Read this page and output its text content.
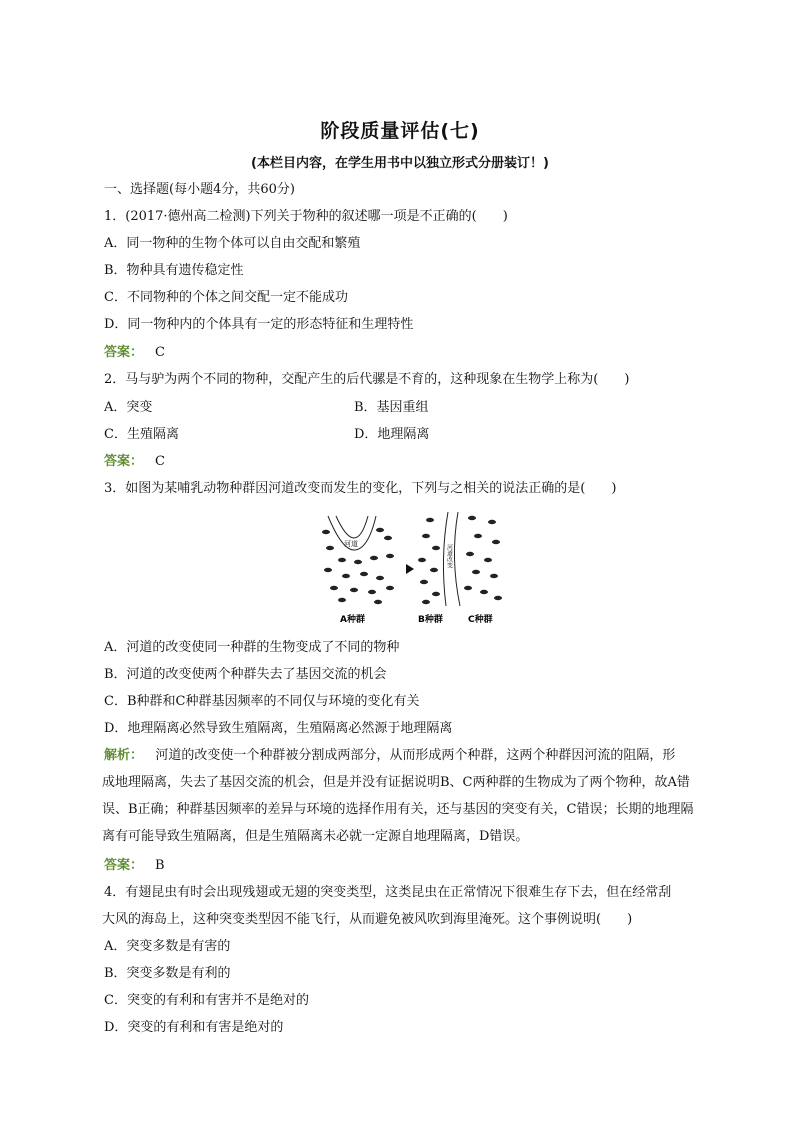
阶段质量评估(七)
(本栏目内容，在学生用书中以独立形式分册装订！)
一、选择题(每小题4分，共60分)
1．(2017·德州高二检测)下列关于物种的叙述哪一项是不正确的(　　)
A．同一物种的生物个体可以自由交配和繁殖
B．物种具有遗传稳定性
C．不同物种的个体之间交配一定不能成功
D．同一物种内的个体具有一定的形态特征和生理特性
答案： C
2．马与驴为两个不同的物种，交配产生的后代骡是不育的，这种现象在生物学上称为(　　)
A．突变	B．基因重组
C．生殖隔离	D．地理隔离
答案： C
3．如图为某哺乳动物种群因河道改变而发生的变化，下列与之相关的说法正确的是(　　)
河道	河道改变
A种群	B种群	C种群
A．河道的改变使同一种群的生物变成了不同的物种
B．河道的改变使两个种群失去了基因交流的机会
C．B种群和C种群基因频率的不同仅与环境的变化有关
D．地理隔离必然导致生殖隔离，生殖隔离必然源于地理隔离
解析： 河道的改变使一个种群被分割成两部分，从而形成两个种群，这两个种群因河流的阻隔，形
成地理隔离，失去了基因交流的机会，但是并没有证据说明B、C两种群的生物成为了两个物种，故A错
误、B正确；种群基因频率的差异与环境的选择作用有关，还与基因的突变有关，C错误；长期的地理隔
离有可能导致生殖隔离，但是生殖隔离未必就一定源自地理隔离，D错误。
答案： B
4．有翅昆虫有时会出现残翅或无翅的突变类型，这类昆虫在正常情况下很难生存下去，但在经常刮
大风的海岛上，这种突变类型因不能飞行，从而避免被风吹到海里淹死。这个事例说明(　　)
A．突变多数是有害的
B．突变多数是有利的
C．突变的有利和有害并不是绝对的
D．突变的有利和有害是绝对的
